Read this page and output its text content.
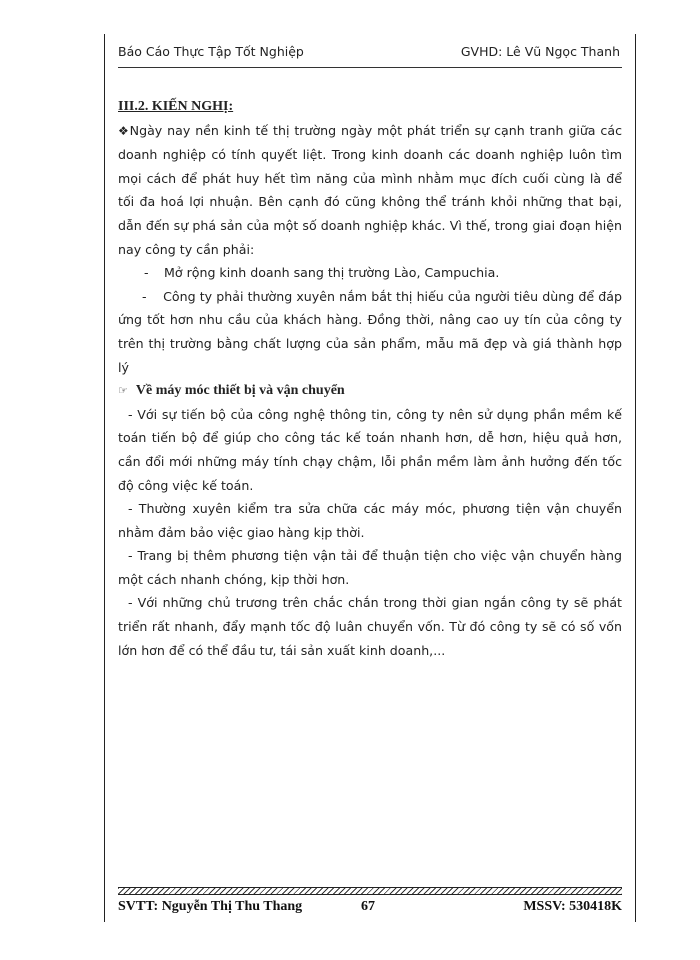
Báo Cáo Thực Tập Tốt Nghiệp	GVHD: Lê Vũ Ngọc Thanh
III.2. KIẾN NGHỊ:
❖Ngày nay nền kinh tế thị trường ngày một phát triển sự cạnh tranh giữa các doanh nghiệp có tính quyết liệt. Trong kinh doanh các doanh nghiệp luôn tìm mọi cách để phát huy hết tìm năng của mình nhằm mục đích cuối cùng là để tối đa hoá lợi nhuận. Bên cạnh đó cũng không thể tránh khỏi những that bại, dẫn đến sự phá sản của một số doanh nghiệp khác. Vì thế, trong giai đoạn hiện nay công ty cần phải:
- Mở rộng kinh doanh sang thị trường Lào, Campuchia.
-    Công ty phải thường xuyên nắm bắt thị hiếu của người tiêu dùng để đáp ứng tốt hơn nhu cầu của khách hàng. Đồng thời, nâng cao uy tín của công ty trên thị trường bằng chất lượng của sản phẩm, mẫu mã đẹp và giá thành hợp lý
☞ Về máy móc thiết bị và vận chuyển
- Với sự tiến bộ của công nghệ thông tin, công ty nên sử dụng phần mềm kế toán tiến bộ để giúp cho công tác kế toán nhanh hơn, dễ hơn, hiệu quả hơn, cần đổi mới những máy tính chạy chậm, lỗi phần mềm làm ảnh hưởng đến tốc độ công việc kế toán.
- Thường xuyên kiểm tra sửa chữa các máy móc, phương tiện vận chuyển nhằm đảm bảo việc giao hàng kịp thời.
- Trang bị thêm phương tiện vận tải để thuận tiện cho việc vận chuyển hàng một cách nhanh chóng, kịp thời hơn.
- Với những chủ trương trên chắc chắn trong thời gian ngắn công ty sẽ phát triển rất nhanh, đẩy mạnh tốc độ luân chuyển vốn. Từ đó công ty sẽ có số vốn lớn hơn để có thể đầu tư, tái sản xuất kinh doanh,...
SVTT: Nguyễn Thị Thu Thang	67	MSSV: 530418K
